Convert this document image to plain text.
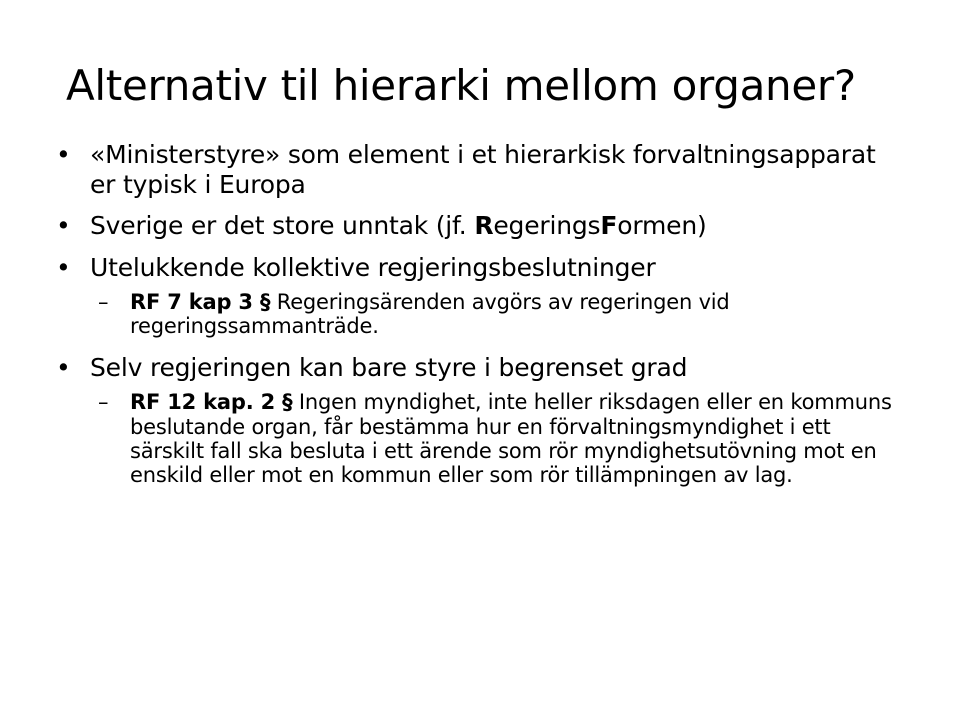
Alternativ til hierarki mellom organer?
• «Ministerstyre» som element i et hierarkisk forvaltningsapparat er typisk i Europa
• Sverige er det store unntak (jf. RegeringsFormen)
• Utelukkende kollektive regjeringsbeslutninger
– RF 7 kap 3 § Regeringsärenden avgörs av regeringen vid regeringssammanträde.
• Selv regjeringen kan bare styre i begrenset grad
– RF 12 kap. 2 § Ingen myndighet, inte heller riksdagen eller en kommuns beslutande organ, får bestämma hur en förvaltningsmyndighet i ett särskilt fall ska besluta i ett ärende som rör myndighetsutövning mot en enskild eller mot en kommun eller som rör tillämpningen av lag.
